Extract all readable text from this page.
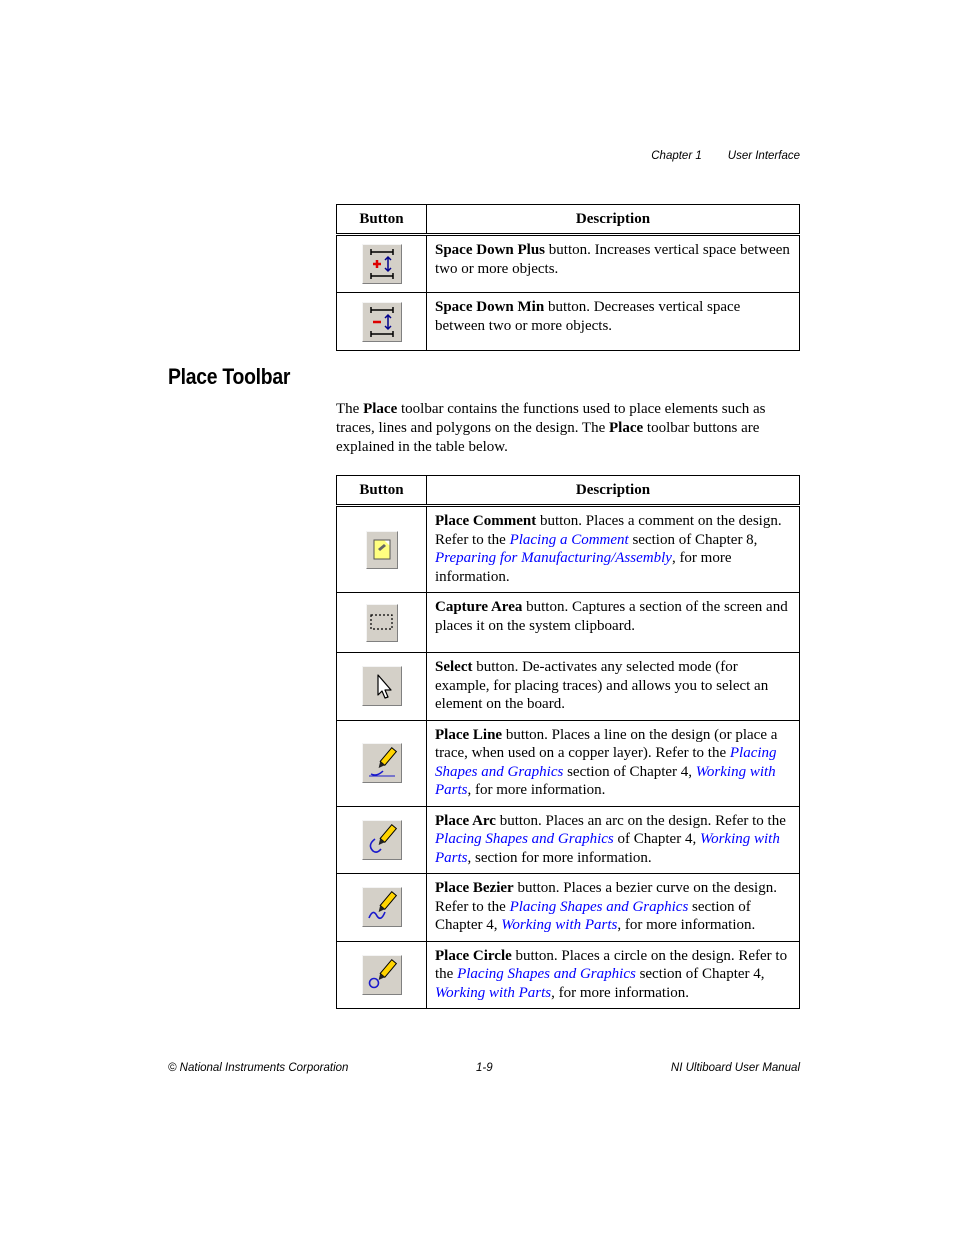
Chapter 1 User Interface
Button	Description

	Space Down Plus button. Increases vertical space between two or more objects.

	Space Down Min button. Decreases vertical space between two or more objects.
Place Toolbar

The Place toolbar contains the functions used to place elements such as traces, lines and polygons on the design. The Place toolbar buttons are explained in the table below.

Button	Description

	Place Comment button. Places a comment on the design. Refer to the Placing a Comment section of Chapter 8, Preparing for Manufacturing/Assembly, for more information.

	Capture Area button. Captures a section of the screen and places it on the system clipboard.

	Select button. De-activates any selected mode (for example, for placing traces) and allows you to select an element on the board.

	Place Line button. Places a line on the design (or place a trace, when used on a copper layer). Refer to the Placing Shapes and Graphics section of Chapter 4, Working with Parts, for more information.

	Place Arc button. Places an arc on the design. Refer to the Placing Shapes and Graphics of Chapter 4, Working with Parts, section for more information.

	Place Bezier button. Places a bezier curve on the design. Refer to the Placing Shapes and Graphics section of Chapter 4, Working with Parts, for more information.

	Place Circle button. Places a circle on the design. Refer to the Placing Shapes and Graphics section of Chapter 4, Working with Parts, for more information.
© National Instruments Corporation	1-9	NI Ultiboard User Manual
